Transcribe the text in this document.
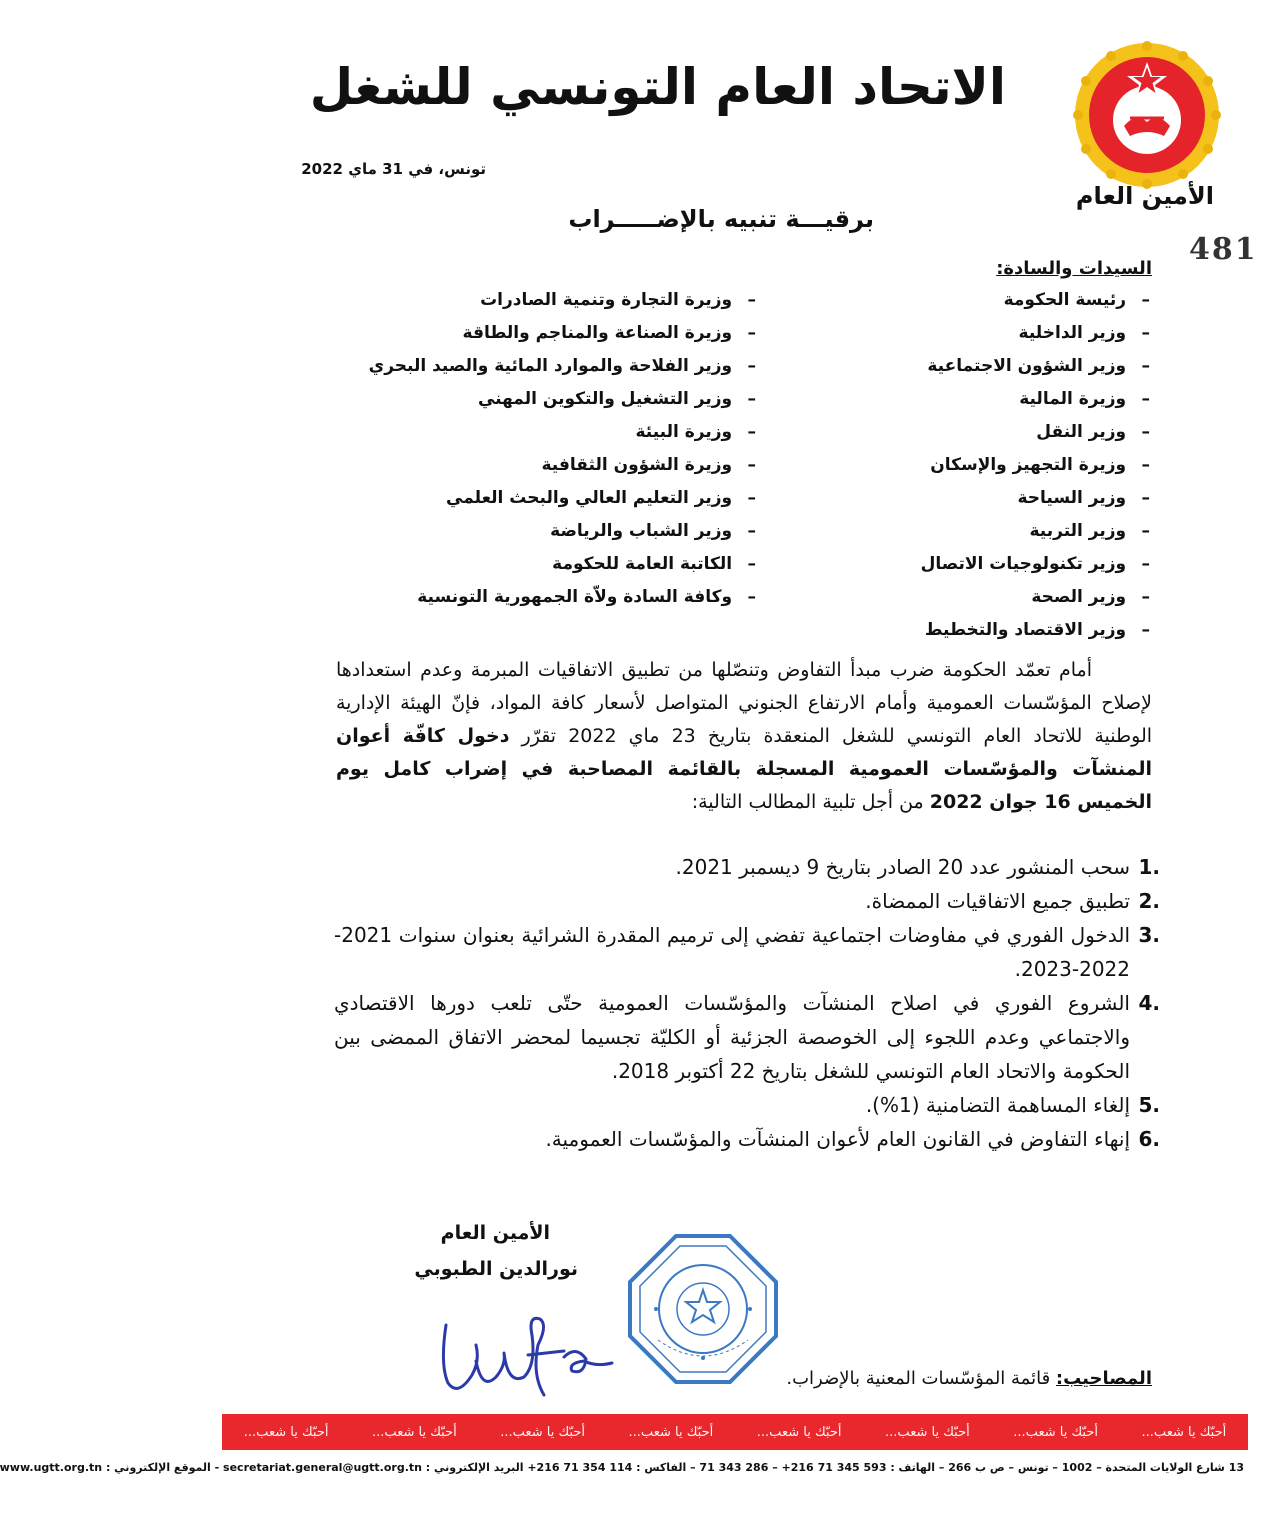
الاتحاد العام التونسي للشغل
تونس، في 31 ماي 2022
الأمين العام
481
برقيـــة تنبيه بالإضـــــراب
السيدات والسادة:
– رئيسة الحكومة
– وزير الداخلية
– وزير الشؤون الاجتماعية
– وزيرة المالية
– وزير النقل
– وزيرة التجهيز والإسكان
– وزير السياحة
– وزير التربية
– وزير تكنولوجيات الاتصال
– وزير الصحة
– وزير الاقتصاد والتخطيط
– وزيرة التجارة وتنمية الصادرات
– وزيرة الصناعة والمناجم والطاقة
– وزير الفلاحة والموارد المائية والصيد البحري
– وزير التشغيل والتكوين المهني
– وزيرة البيئة
– وزيرة الشؤون الثقافية
– وزير التعليم العالي والبحث العلمي
– وزير الشباب والرياضة
– الكاتبة العامة للحكومة
– وكافة السادة ولاّة الجمهورية التونسية
أمام تعمّد الحكومة ضرب مبدأ التفاوض وتنصّلها من تطبيق الاتفاقيات المبرمة وعدم استعدادها لإصلاح المؤسّسات العمومية وأمام الارتفاع الجنوني المتواصل لأسعار كافة المواد، فإنّ الهيئة الإدارية الوطنية للاتحاد العام التونسي للشغل المنعقدة بتاريخ 23 ماي 2022 تقرّر دخول كافّة أعوان المنشآت والمؤسّسات العمومية المسجلة بالقائمة المصاحبة في إضراب كامل يوم الخميس 16 جوان 2022 من أجل تلبية المطالب التالية:
.1
سحب المنشور عدد 20 الصادر بتاريخ 9 ديسمبر 2021.
.2
تطبيق جميع الاتفاقيات الممضاة.
.3
الدخول الفوري في مفاوضات اجتماعية تفضي إلى ترميم المقدرة الشرائية بعنوان سنوات 2021-2022-2023.
.4
الشروع الفوري في اصلاح المنشآت والمؤسّسات العمومية حتّى تلعب دورها الاقتصادي والاجتماعي وعدم اللجوء إلى الخوصصة الجزئية أو الكليّة تجسيما لمحضر الاتفاق الممضى بين الحكومة والاتحاد العام التونسي للشغل بتاريخ 22 أكتوبر 2018.
.5
إلغاء المساهمة التضامنية (1%).
.6
إنهاء التفاوض في القانون العام لأعوان المنشآت والمؤسّسات العمومية.
الأمين العام
نورالدين الطبوبي
المصاحيب: قائمة المؤسّسات المعنية بالإضراب.
أحبّك يا شعب...
أحبّك يا شعب...
أحبّك يا شعب...
أحبّك يا شعب...
أحبّك يا شعب...
أحبّك يا شعب...
أحبّك يا شعب...
أحبّك يا شعب...
13 شارع الولايات المتحدة – 1002 – تونس – ص ب 266 – الهاتف : 593 345 71 216+ – 286 343 71 – الفاكس : 114 354 71 216+ البريد الإلكتروني : secretariat.general@ugtt.org.tn - الموقع الإلكتروني : www.ugtt.org.tn
